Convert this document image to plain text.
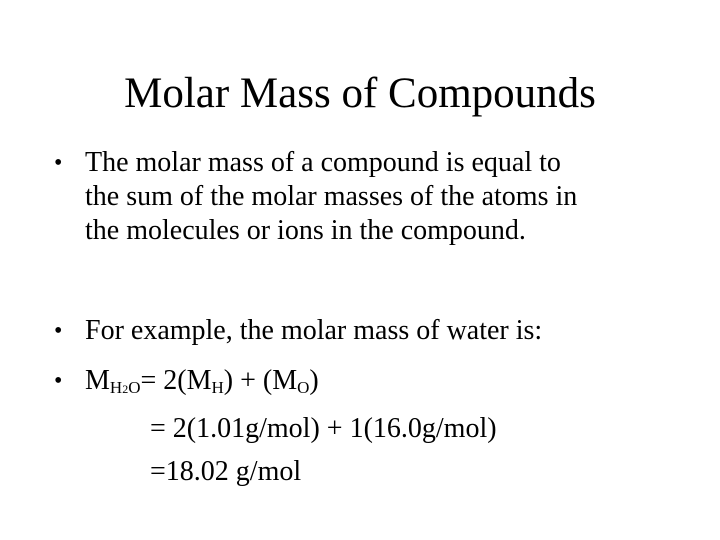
Molar Mass of Compounds
• The molar mass of a compound is equal to
the sum of the molar masses of the atoms in
the molecules or ions in the compound.
• For example, the molar mass of water is:
• $M_{H2O}= 2(M_H) + (M_O)$
= 2(1.01g/mol) + 1(16.0g/mol)
=18.02 g/mol
